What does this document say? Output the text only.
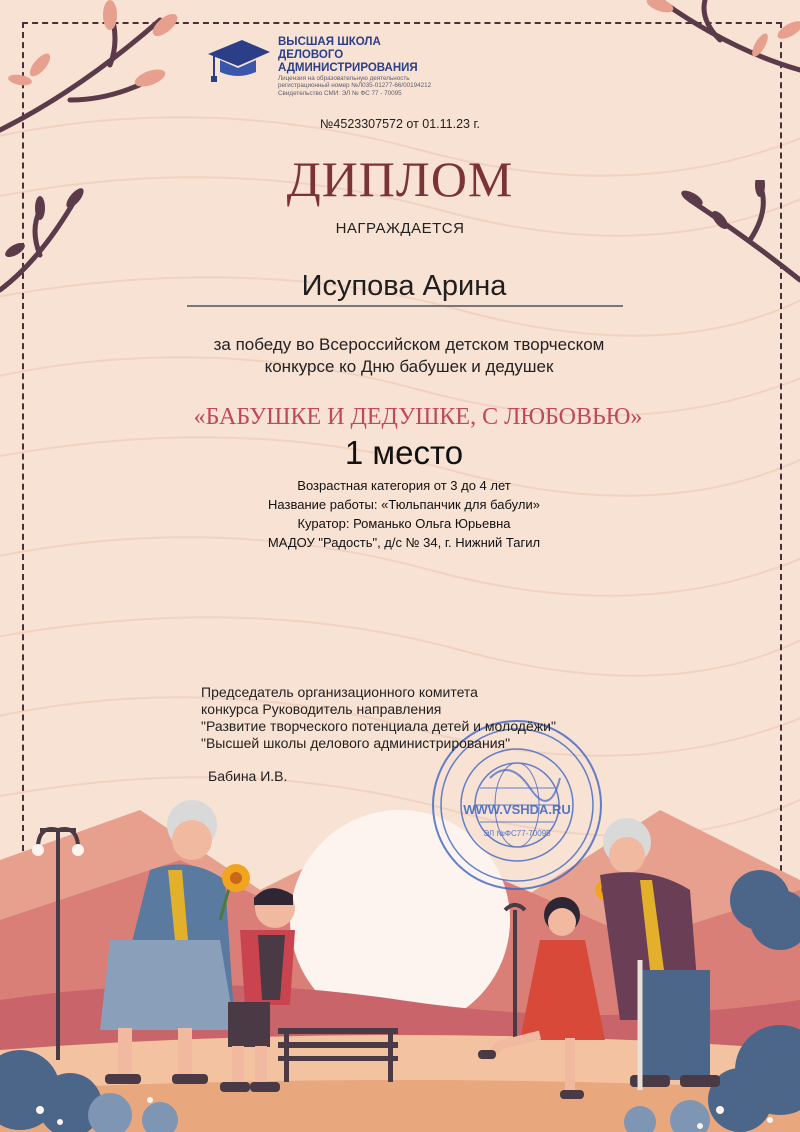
ВЫСШАЯ ШКОЛА
ДЕЛОВОГО АДМИНИСТРИРОВАНИЯ
Лицензия на образовательную деятельность
регистрационный номер №Л035-01277-66/00194212
Свидетельство СМИ: ЭЛ № ФС 77 - 70095
№4523307572 от 01.11.23 г.
ДИПЛОМ
НАГРАЖДАЕТСЯ
Исупова Арина
за победу во Всероссийском детском творческом
конкурсе ко Дню бабушек и дедушек
«БАБУШКЕ И ДЕДУШКЕ, С ЛЮБОВЬЮ»
1 место
Возрастная категория от 3 до 4 лет
Название работы: «Тюльпанчик для бабули»
Куратор: Романько Ольга Юрьевна
МАДОУ "Радость", д/с № 34, г. Нижний Тагил
WWW.VSHDA.RU
ЭЛ №ФС77-70095
Председатель организационного комитета
конкурса Руководитель направления
"Развитие творческого потенциала детей и молодёжи"
"Высшей школы делового администрирования"
Бабина И.В.
